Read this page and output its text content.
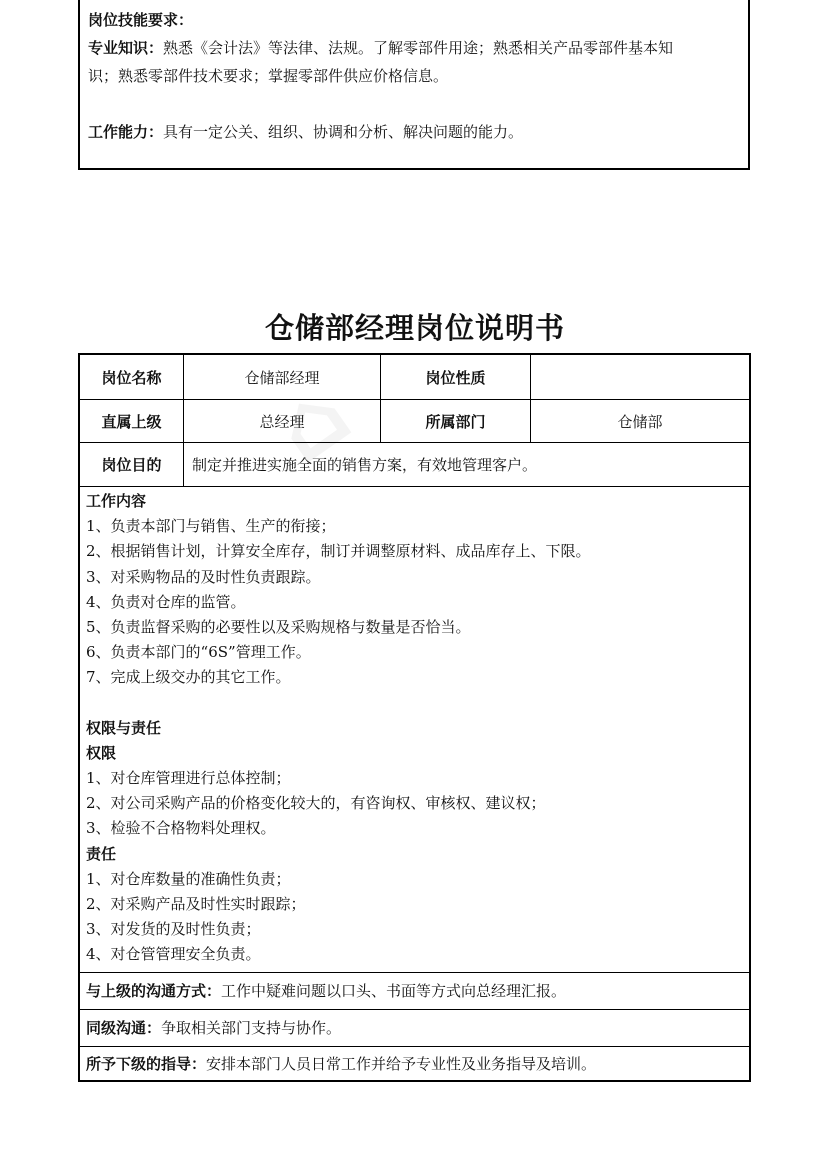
岗位技能要求：

专业知识：熟悉《会计法》等法律、法规。了解零部件用途；熟悉相关产品零部件基本知

识；熟悉零部件技术要求；掌握零部件供应价格信息。

工作能力：具有一定公关、组织、协调和分析、解决问题的能力。

仓储部经理岗位说明书
岗位名称	仓储部经理	岗位性质
直属上级	总经理	所属部门	仓储部
岗位目的	制定并推进实施全面的销售方案，有效地管理客户。

工作内容

1、负责本部门与销售、生产的衔接；

2、根据销售计划，计算安全库存，制订并调整原材料、成品库存上、下限。

3、对采购物品的及时性负责跟踪。

4、负责对仓库的监管。

5、负责监督采购的必要性以及采购规格与数量是否恰当。

6、负责本部门的“6S”管理工作。

7、完成上级交办的其它工作。

权限与责任

权限

1、对仓库管理进行总体控制；

2、对公司采购产品的价格变化较大的，有咨询权、审核权、建议权；

3、检验不合格物料处理权。

责任

1、对仓库数量的准确性负责；

2、对采购产品及时性实时跟踪；

3、对发货的及时性负责；

4、对仓管管理安全负责。

与上级的沟通方式： 工作中疑难问题以口头、书面等方式向总经理汇报。
同级沟通： 争取相关部门支持与协作。
所予下级的指导： 安排本部门人员日常工作并给予专业性及业务指导及培训。
